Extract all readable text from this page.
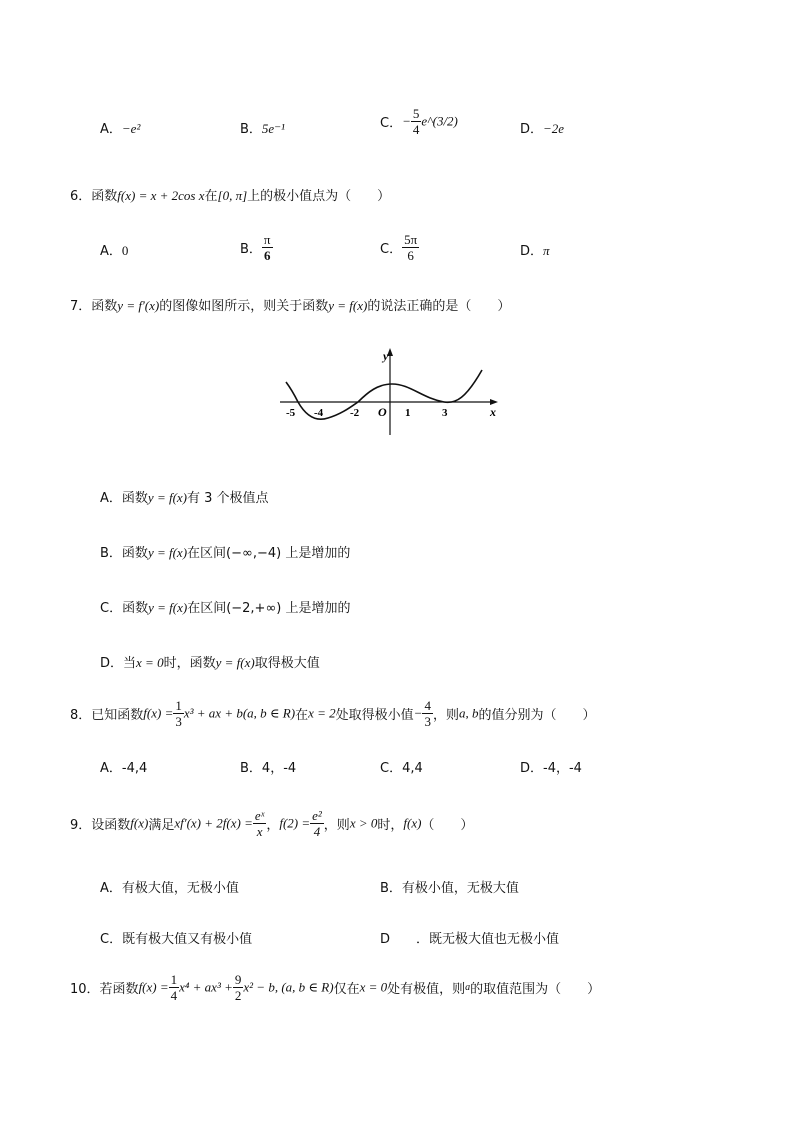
A．−e²	B．5e⁻¹	C．− $\frac{5}{4}$ e^(3/2)
D．−2e
6．函数f(x) = x + 2cos x在[0, π]上的极小值点为（　　）
A．0	B． $\frac{\pi}{6}$	C． $\frac{5\pi}{6}$	D．π
7．函数y = f′(x)的图像如图所示，则关于函数y = f(x)的说法正确的是（　　）
y
x
O
-5 -4 -2	1	3
A．函数y = f(x)有 3 个极值点
B．函数y = f(x)在区间(−∞,−4) 上是增加的
C．函数y = f(x)在区间(−2,+∞) 上是增加的
D．当x = 0时，函数y = f(x)取得极大值
8．已知函数$f(x) = \frac{1}{3} x^3$ + ax + b(a, b ∈ R)在x = 2处取得极小值− $\frac{4}{3}$ ，则a, b的值分别为（　　）
A．-4,4	B．4，-4	C．4,4	D．-4，-4
9．设函数f(x)满足$xf'(x) + 2f(x) = \frac{\text{eˣ}}{x}$ ，$f(2) = \frac{\text{e²}}{4}$ ，则x > 0时，f(x)（　　）
A．有极大值，无极小值	B．有极小值，无极大值
C．既有极大值又有极小值	D　　．既无极大值也无极小值
10．若函数$f(x) = \frac{1}{4} x^4 + ax^3 + \frac{9}{2} x^2 - b$, (a, b ∈ R)仅在x = 0处有极值，则a的取值范围为（　　）
